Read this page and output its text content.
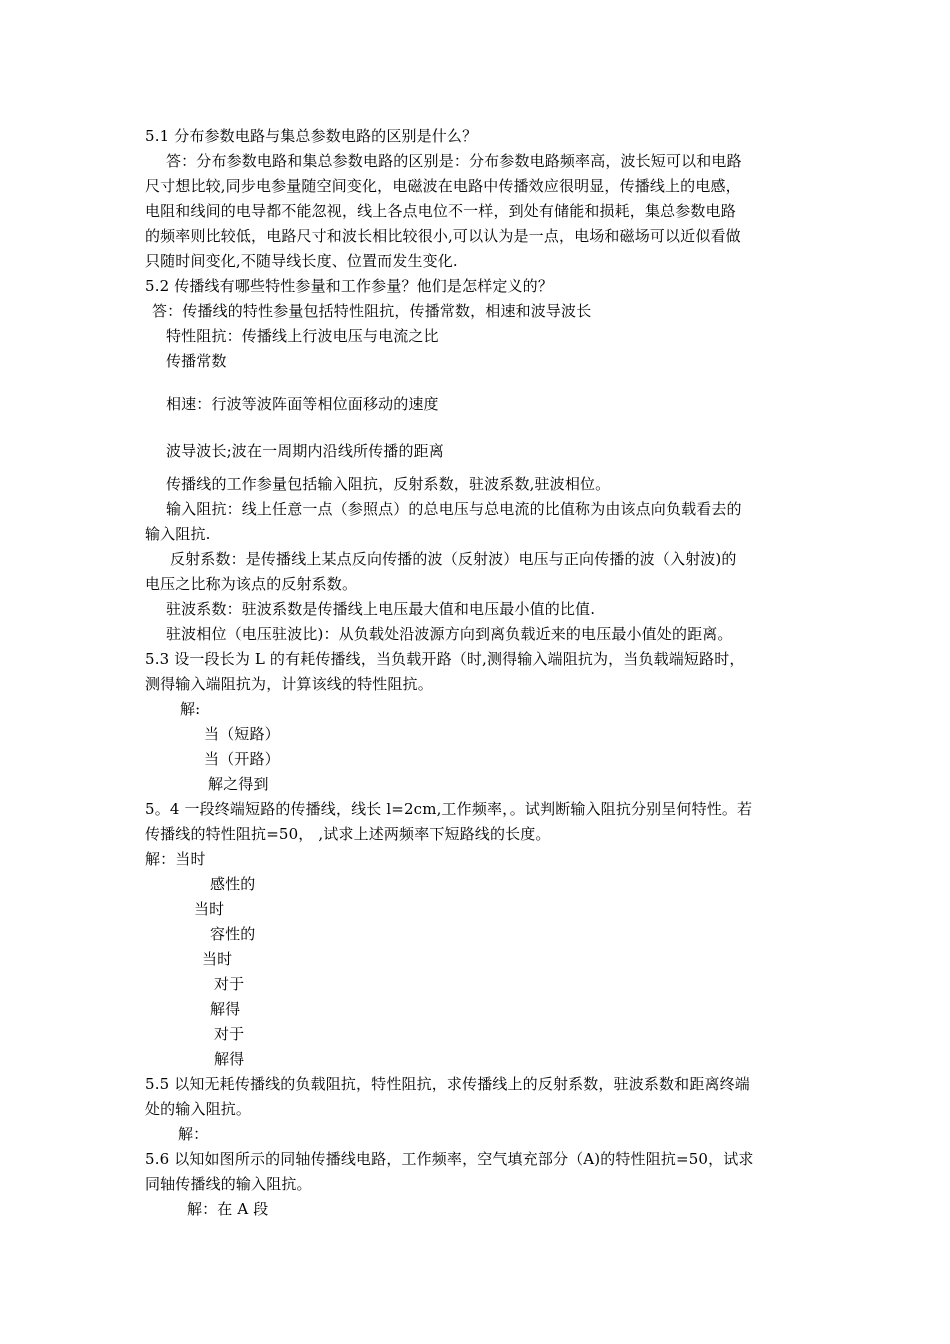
5.1 分布参数电路与集总参数电路的区别是什么？
答：分布参数电路和集总参数电路的区别是：分布参数电路频率高，波长短可以和电路
尺寸想比较,同步电参量随空间变化，电磁波在电路中传播效应很明显，传播线上的电感，
电阻和线间的电导都不能忽视，线上各点电位不一样，到处有储能和损耗，集总参数电路
的频率则比较低，电路尺寸和波长相比较很小,可以认为是一点，电场和磁场可以近似看做
只随时间变化,不随导线长度、位置而发生变化.
5.2 传播线有哪些特性参量和工作参量？他们是怎样定义的？
答：传播线的特性参量包括特性阻抗，传播常数，相速和波导波长
特性阻抗：传播线上行波电压与电流之比
传播常数
相速：行波等波阵面等相位面移动的速度
波导波长;波在一周期内沿线所传播的距离
传播线的工作参量包括输入阻抗，反射系数，驻波系数,驻波相位。
输入阻抗：线上任意一点（参照点）的总电压与总电流的比值称为由该点向负载看去的
输入阻抗.
反射系数：是传播线上某点反向传播的波（反射波）电压与正向传播的波（入射波)的
电压之比称为该点的反射系数。
驻波系数：驻波系数是传播线上电压最大值和电压最小值的比值.
驻波相位（电压驻波比)：从负载处沿波源方向到离负载近来的电压最小值处的距离。
5.3 设一段长为 L 的有耗传播线，当负载开路（时,测得输入端阻抗为，当负载端短路时，
测得输入端阻抗为，计算该线的特性阻抗。
解:
当（短路）
当（开路）
解之得到
5。4 一段终端短路的传播线，线长 l=2cm,工作频率，。试判断输入阻抗分别呈何特性。若
传播线的特性阻抗=50， ,试求上述两频率下短路线的长度。
解：当时
感性的
当时
容性的
当时
对于
解得
对于
解得
5.5 以知无耗传播线的负载阻抗，特性阻抗，求传播线上的反射系数，驻波系数和距离终端
处的输入阻抗。
解：
5.6 以知如图所示的同轴传播线电路，工作频率，空气填充部分（A)的特性阻抗=50，试求
同轴传播线的输入阻抗。
解：在 A 段
